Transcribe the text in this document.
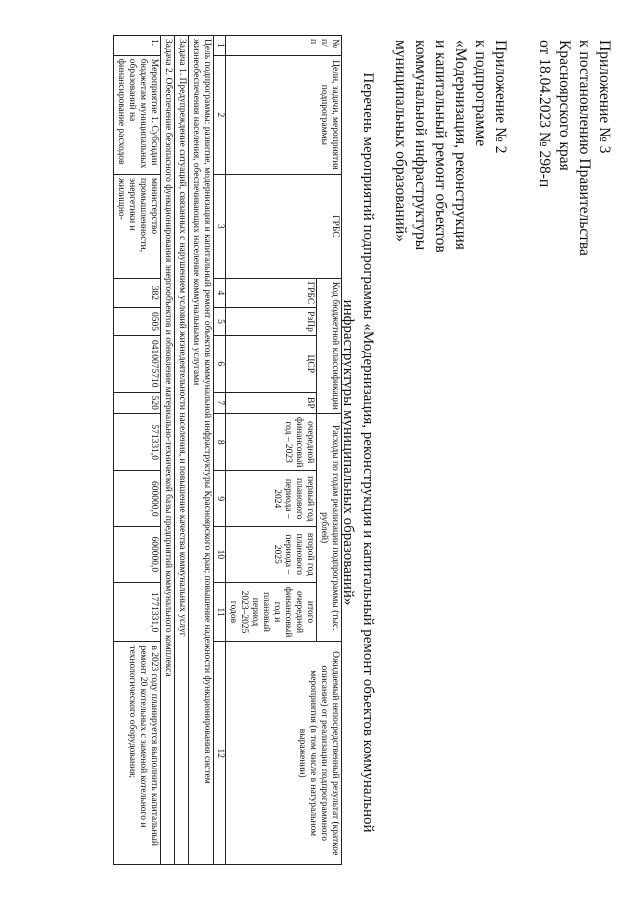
Приложение № 3
к постановлению Правительства
Красноярского края
от 18.04.2023 № 298-п
Приложение № 2
к подпрограмме
«Модернизация, реконструкция
и капитальный ремонт объектов
коммунальной инфраструктуры
муниципальных образований»
Перечень мероприятий подпрограммы «Модернизация, реконструкция и капитальный ремонт объектов коммунальной
инфраструктуры муниципальных образований»
№ п/п	Цели, задачи, мероприятия подпрограммы	ГРБС	Код бюджетной классификации				Расходы по годам реализации подпрограммы (тыс. рублей)				Ожидаемый непосредственный результат (краткое описание) от реализации подпрограммного мероприятия (в том числе в натуральном выражении)
			ГРБС	РзПр	ЦСР	ВР	очередной финансовый год – 2023	первый год планового периода – 2024	второй год планового периода – 2025	итого очередной финансовый год и плановый период 2023–2025 годов	
1	2	3	4	5	6	7	8	9	10	11	12
Цель подпрограммы: развитие, модернизация и капитальный ремонт объектов коммунальной инфраструктуры Красноярского края; повышение надежности функционирования систем жизнеобеспечения населения, обеспечивающих население коммунальными услугами											
Задача 1. Предупреждение ситуаций, связанных с нарушением условий жизнедеятельности населения, и повышение качества коммунальных услуг											
Задача 2. Обеспечение безопасного функционирования энергообъектов и обновление материально-технической базы предприятий коммунального комплекса											
1.	Мероприятие 1. Субсидии бюджетам муниципальных образований на финансирование расходов	министерство промышленности, энергетики и жилищно-	382	0505	0410075710	520	571331,0	600000,0	600000,0	1771331,0	в 2023 году планируется выполнить капитальный ремонт 20 котельных с заменой котельного и технологического оборудования;
